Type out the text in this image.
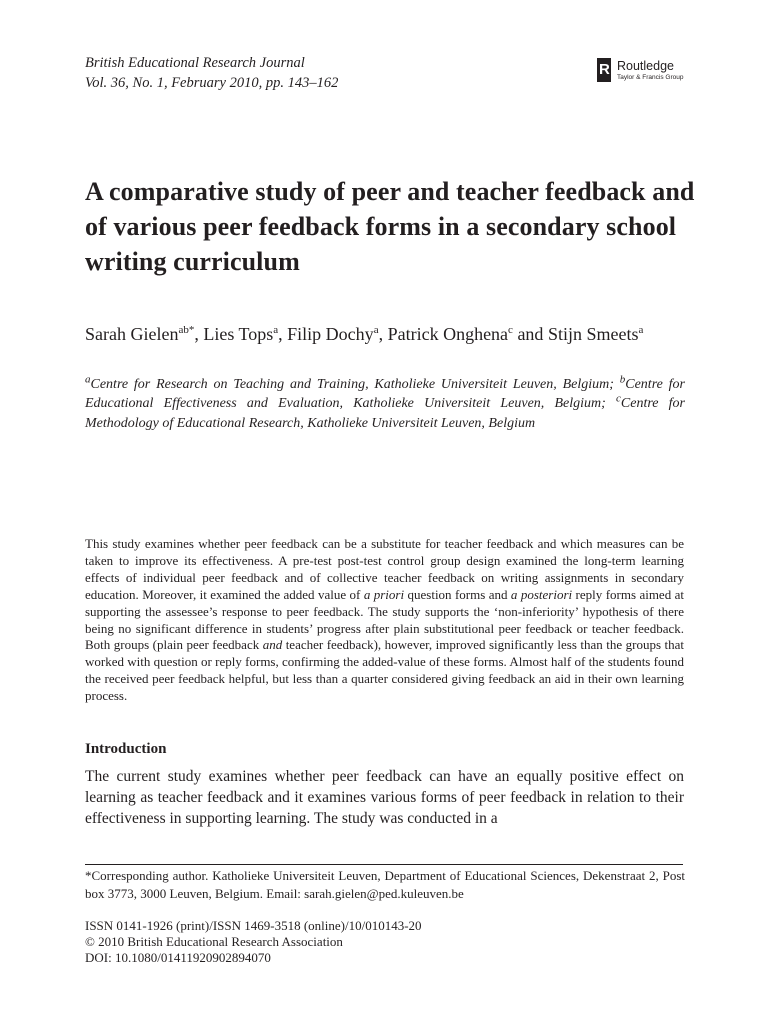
British Educational Research Journal
Vol. 36, No. 1, February 2010, pp. 143–162
R Routledge
Taylor & Francis Group
A comparative study of peer and teacher feedback and of various peer feedback forms in a secondary school writing curriculum

Sarah Gielen$^{ab*}$, Lies Tops$^a$, Filip Dochy$^a$, Patrick Onghena$^c$ and Stijn Smeets$^a$

$^a$Centre for Research on Teaching and Training, Katholieke Universiteit Leuven, Belgium; $^b$Centre for Educational Effectiveness and Evaluation, Katholieke Universiteit Leuven, Belgium; $^c$Centre for Methodology of Educational Research, Katholieke Universiteit Leuven, Belgium

This study examines whether peer feedback can be a substitute for teacher feedback and which measures can be taken to improve its effectiveness. A pre-test post-test control group design examined the long-term learning effects of individual peer feedback and of collective teacher feedback on writing assignments in secondary education. Moreover, it examined the added value of a priori question forms and a posteriori reply forms aimed at supporting the assessee’s response to peer feedback. The study supports the ‘non-inferiority’ hypothesis of there being no significant difference in students’ progress after plain substitutional peer feedback or teacher feedback. Both groups (plain peer feedback and teacher feedback), however, improved significantly less than the groups that worked with question or reply forms, confirming the added-value of these forms. Almost half of the students found the received peer feedback helpful, but less than a quarter considered giving feedback an aid in their own learning process.

Introduction

The current study examines whether peer feedback can have an equally positive effect on learning as teacher feedback and it examines various forms of peer feedback in relation to their effectiveness in supporting learning. The study was conducted in a

*Corresponding author. Katholieke Universiteit Leuven, Department of Educational Sciences, Dekenstraat 2, Post box 3773, 3000 Leuven, Belgium. Email: sarah.gielen@ped.kuleuven.be

ISSN 0141-1926 (print)/ISSN 1469-3518 (online)/10/010143-20
© 2010 British Educational Research Association
DOI: 10.1080/01411920902894070
